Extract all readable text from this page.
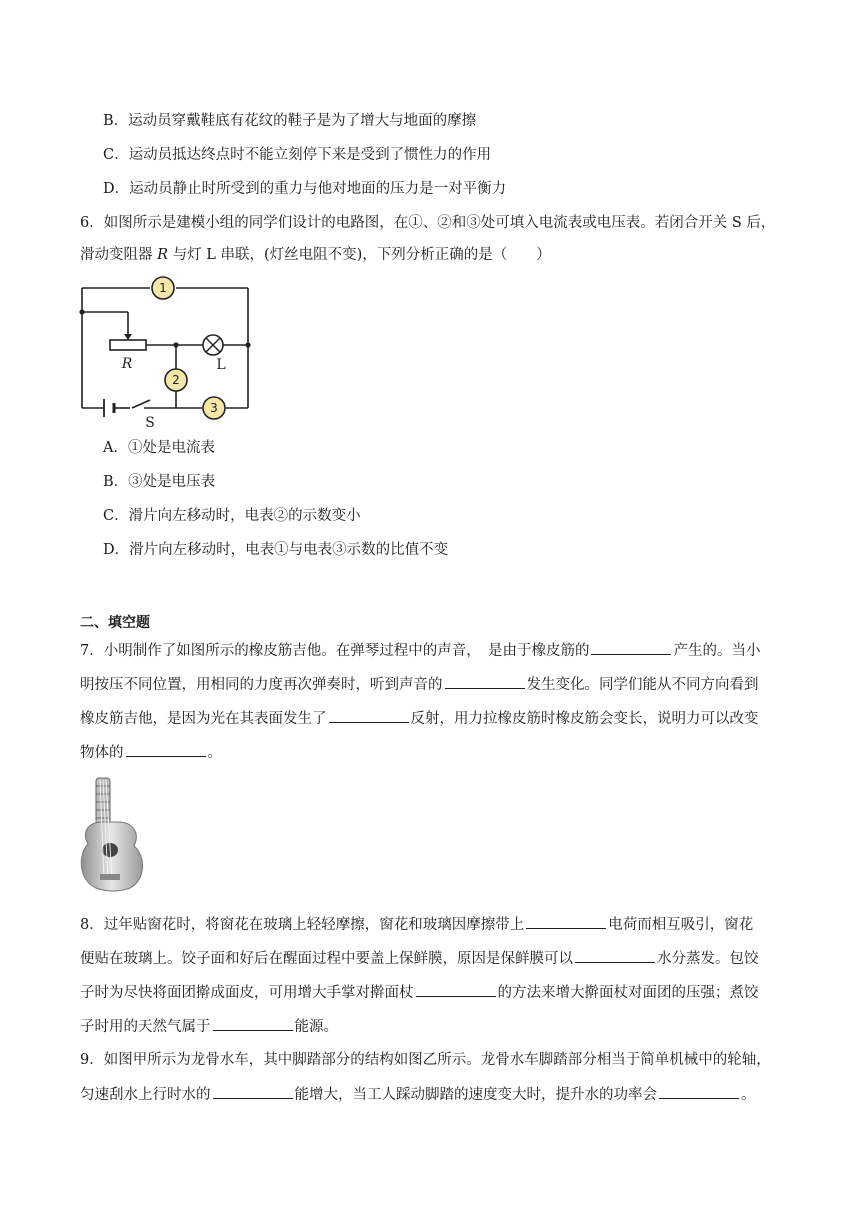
B．运动员穿戴鞋底有花纹的鞋子是为了增大与地面的摩擦
C．运动员抵达终点时不能立刻停下来是受到了惯性力的作用
D．运动员静止时所受到的重力与他对地面的压力是一对平衡力
6．如图所示是建模小组的同学们设计的电路图，在①、②和③处可填入电流表或电压表。若闭合开关 S 后，
滑动变阻器 R 与灯 L 串联，(灯丝电阻不变)，下列分析正确的是（　　）
1
2
3
R	L
S
A．①处是电流表
B．③处是电压表
C．滑片向左移动时，电表②的示数变小
D．滑片向左移动时，电表①与电表③示数的比值不变
二、填空题
7．小明制作了如图所示的橡皮筋吉他。在弹琴过程中的声音，　是由于橡皮筋的	产生的。当小
明按压不同位置，用相同的力度再次弹奏时，听到声音的	发生变化。同学们能从不同方向看到
橡皮筋吉他，是因为光在其表面发生了	反射，用力拉橡皮筋时橡皮筋会变长，说明力可以改变
物体的	。
8．过年贴窗花时，将窗花在玻璃上轻轻摩擦，窗花和玻璃因摩擦带上	电荷而相互吸引，窗花
便贴在玻璃上。饺子面和好后在醒面过程中要盖上保鲜膜，原因是保鲜膜可以	水分蒸发。包饺
子时为尽快将面团擀成面皮，可用增大手掌对擀面杖	的方法来增大擀面杖对面团的压强；煮饺
子时用的天然气属于	能源。
9．如图甲所示为龙骨水车，其中脚踏部分的结构如图乙所示。龙骨水车脚踏部分相当于简单机械中的轮轴，
匀速刮水上行时水的	能增大，当工人踩动脚踏的速度变大时，提升水的功率会	。
